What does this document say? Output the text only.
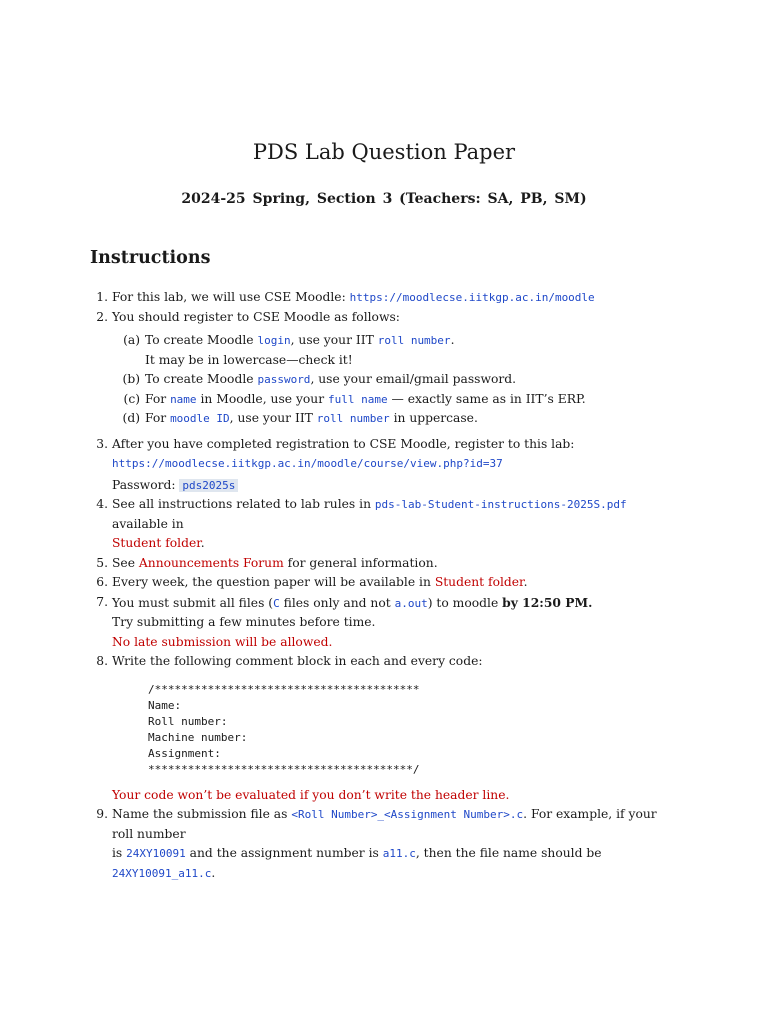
PDS Lab Question Paper
2024-25 Spring, Section 3 (Teachers: SA, PB, SM)
Instructions
1. For this lab, we will use CSE Moodle: https://moodlecse.iitkgp.ac.in/moodle
2. You should register to CSE Moodle as follows:
(a) To create Moodle login, use your IIT roll number.
It may be in lowercase—check it!
(b) To create Moodle password, use your email/gmail password.
(c) For name in Moodle, use your full name — exactly same as in IIT’s ERP.
(d) For moodle ID, use your IIT roll number in uppercase.
3. After you have completed registration to CSE Moodle, register to this lab:
https://moodlecse.iitkgp.ac.in/moodle/course/view.php?id=37
Password: pds2025s
4. See all instructions related to lab rules in pds-lab-Student-instructions-2025S.pdf available in
Student folder.
5. See Announcements Forum for general information.
6. Every week, the question paper will be available in Student folder.
7. You must submit all files (C files only and not a.out) to moodle by 12:50 PM.
Try submitting a few minutes before time.
No late submission will be allowed.
8. Write the following comment block in each and every code:
/****************************************
Name:
Roll number:
Machine number:
Assignment:
****************************************/
Your code won’t be evaluated if you don’t write the header line.
9. Name the submission file as <Roll Number>_<Assignment Number>.c. For example, if your roll number
is 24XY10091 and the assignment number is a11.c, then the file name should be 24XY10091_a11.c.
